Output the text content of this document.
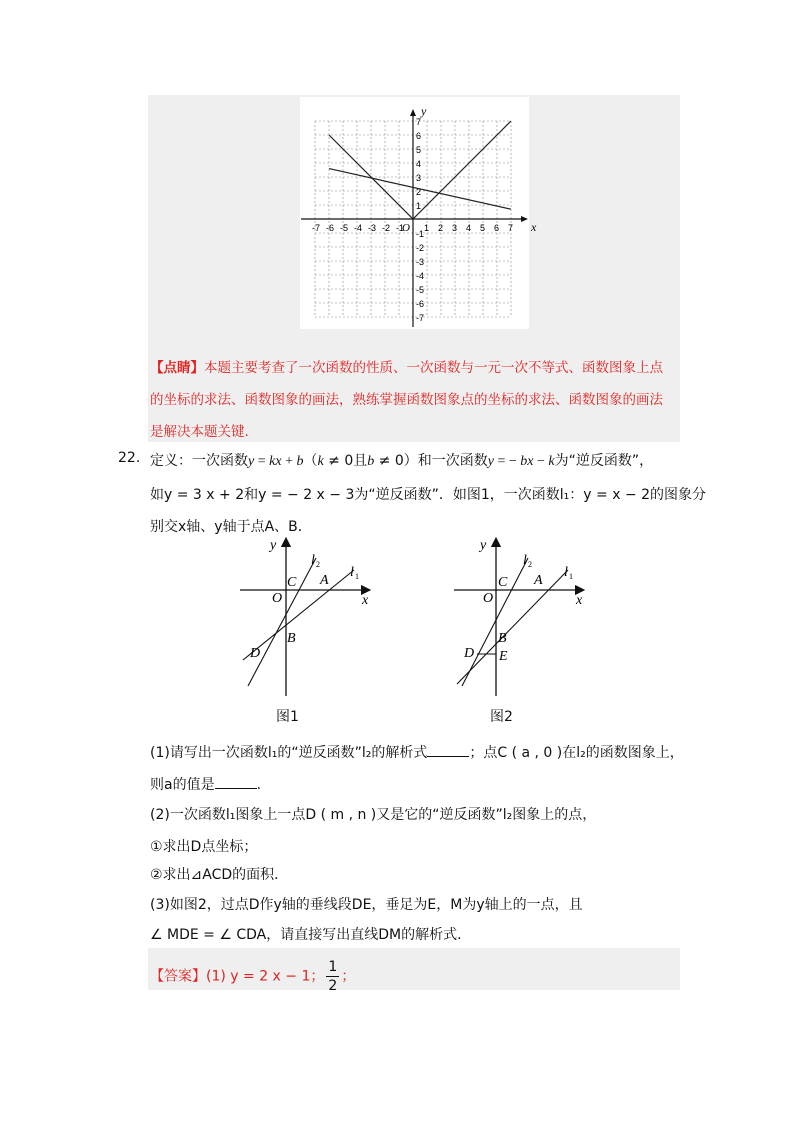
-7 -6 -5 -4 -3 -2 -1 1 2 3 4 5 6 7
7
6
5
4
3
2
1
-1
-2
-3
-4
-5
-6
-7
O	x
y
【点睛】本题主要考查了一次函数的性质、一次函数与一元一次不等式、函数图象上点的坐标的求法、函数图象的画法，熟练掌握函数图象点的坐标的求法、函数图象的画法是解决本题关键.
22. 定义：一次函数y = kx + b（k ≠ 0且b ≠ 0）和一次函数y = − bx − k为“逆反函数”，
如y = 3 x + 2和y = − 2 x − 3为“逆反函数”．如图1，一次函数l₁：y = x − 2的图象分
别交x轴、y轴于点A、B．
y
x
O
C A
B
D
l 2
l 1
图1
y
x
O
C A
B
D E
l 2
l 1
图2
(1)请写出一次函数l₁的“逆反函数”l₂的解析式	；点C ( a , 0 )在l₂的函数图象上，
则a的值是	.
(2)一次函数l₁图象上一点D ( m , n )又是它的“逆反函数”l₂图象上的点，
①求出D点坐标；
②求出⊿ACD的面积．
(3)如图2，过点D作y轴的垂线段DE，垂足为E，M为y轴上的一点，且
∠ MDE = ∠ CDA，请直接写出直线DM的解析式．
【答案】(1) y = 2 x − 1； $\frac{1}{2}$ ；
